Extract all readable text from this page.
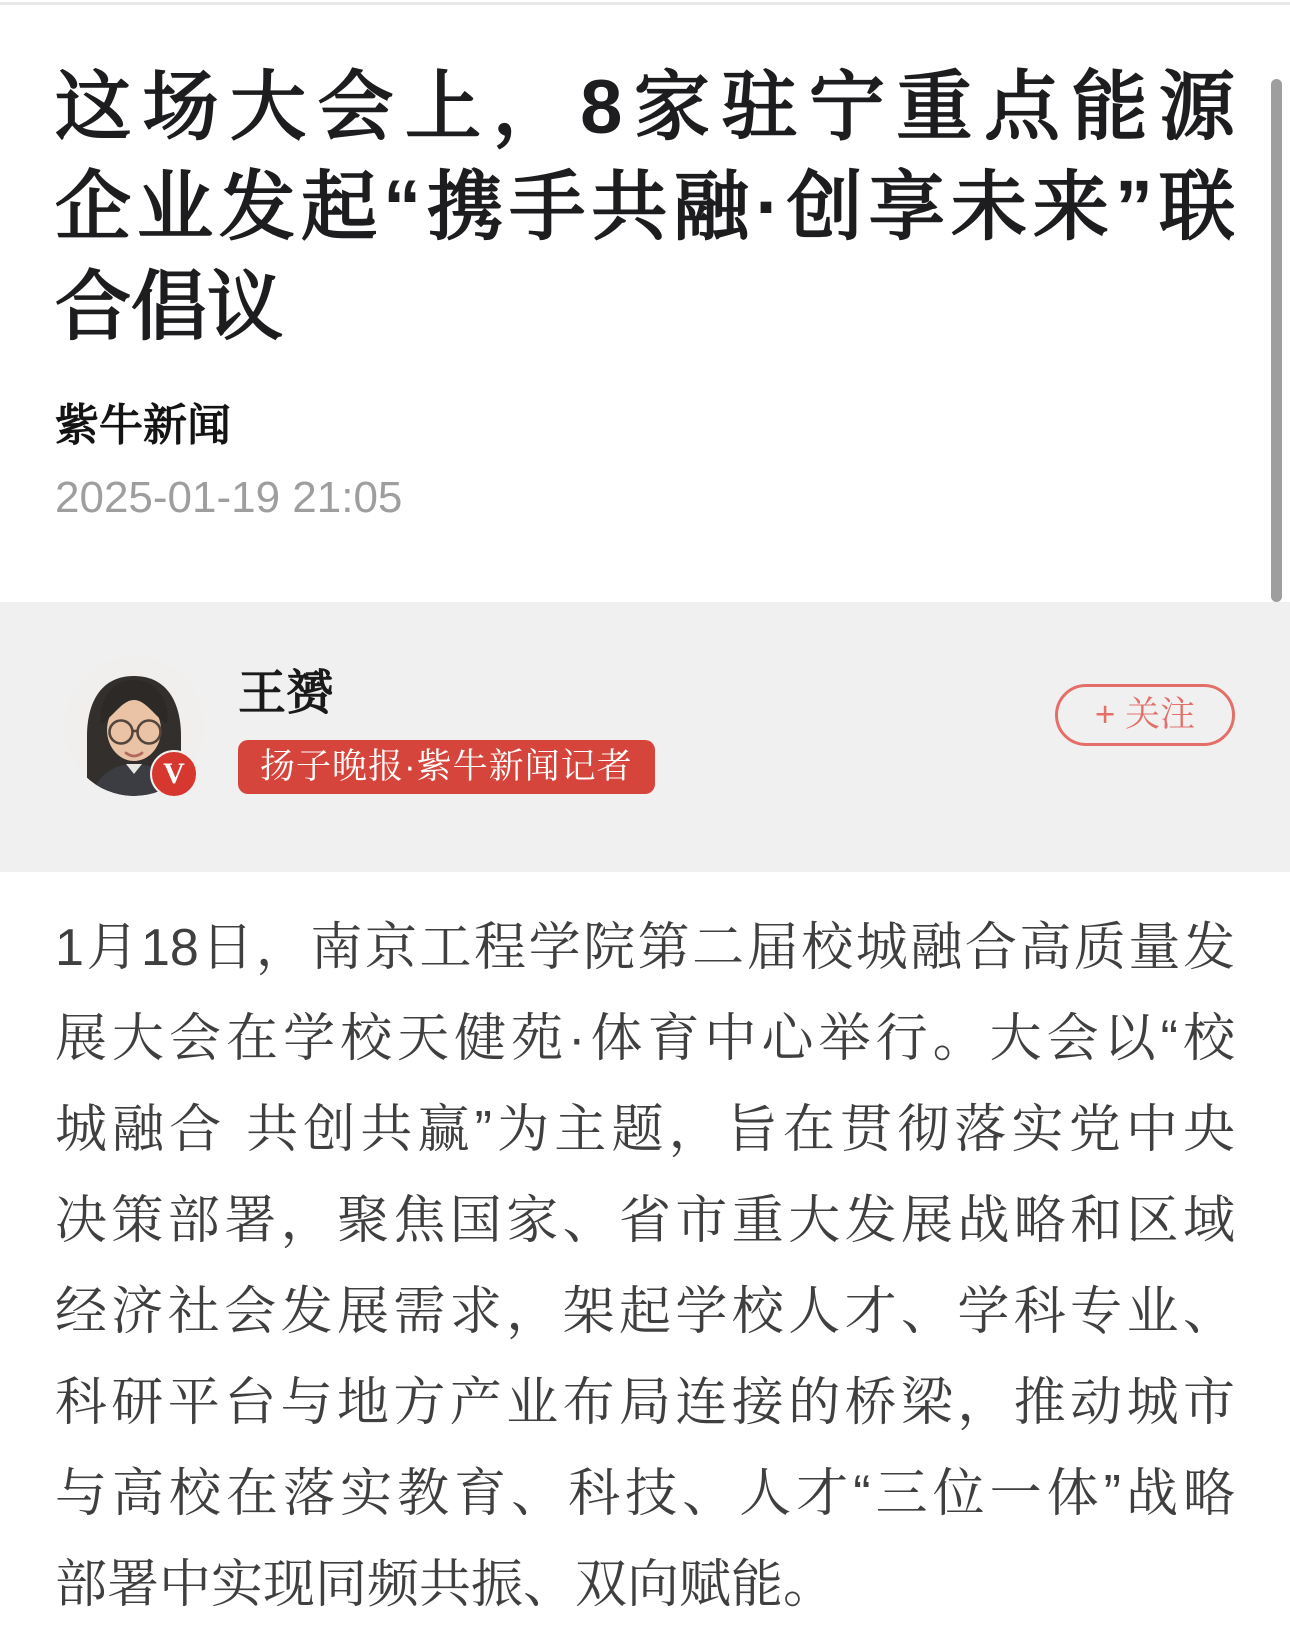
这场大会上，8家驻宁重点能源
企业发起“携手共融·创享未来”联
合倡议
紫牛新闻
2025-01-19 21:05
V
王赟
扬子晚报·紫牛新闻记者
+ 关注
1月18日，南京工程学院第二届校城融合高质量发
展大会在学校天健苑·体育中心举行。大会以“校
城融合 共创共赢”为主题，旨在贯彻落实党中央
决策部署，聚焦国家、省市重大发展战略和区域
经济社会发展需求，架起学校人才、学科专业、
科研平台与地方产业布局连接的桥梁，推动城市
与高校在落实教育、科技、人才“三位一体”战略
部署中实现同频共振、双向赋能。
